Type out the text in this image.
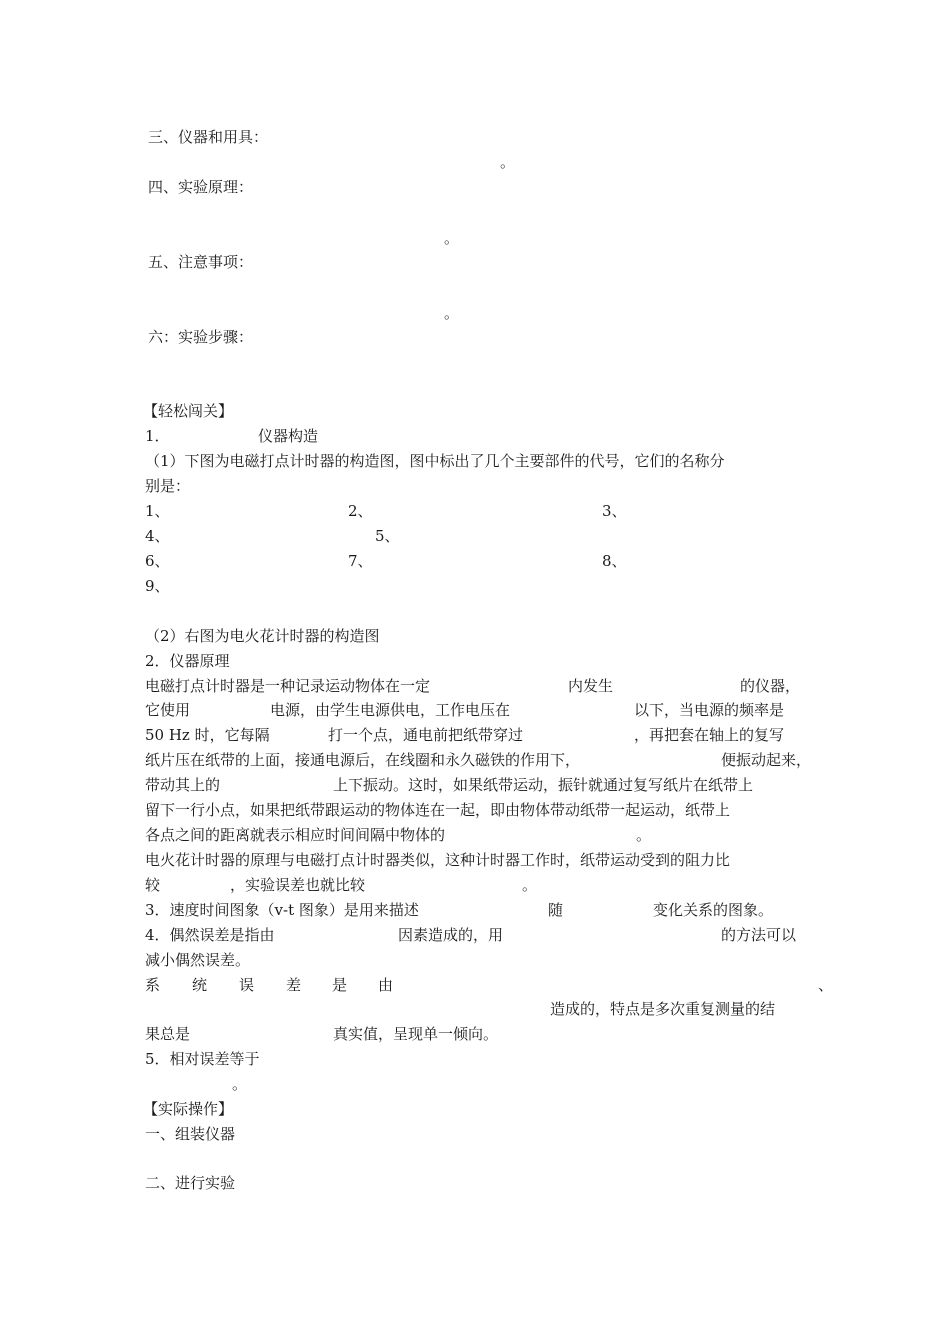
三、仪器和用具：
。
四、实验原理：
。
五、注意事项：
。
六：实验步骤：
【轻松闯关】
1．	仪器构造
（1）下图为电磁打点计时器的构造图，图中标出了几个主要部件的代号，它们的名称分
别是：
1、	2、	3、
4、	5、
6、	7、	8、
9、
（2）右图为电火花计时器的构造图
2．仪器原理
电磁打点计时器是一种记录运动物体在一定	内发生	的仪器，
它使用	电源，由学生电源供电，工作电压在	以下，当电源的频率是
50 Hz 时，它每隔	打一个点，通电前把纸带穿过	，再把套在轴上的复写
纸片压在纸带的上面，接通电源后，在线圈和永久磁铁的作用下，	便振动起来，
带动其上的	上下振动。这时，如果纸带运动，振针就通过复写纸片在纸带上
留下一行小点，如果把纸带跟运动的物体连在一起，即由物体带动纸带一起运动，纸带上
各点之间的距离就表示相应时间间隔中物体的	。
电火花计时器的原理与电磁打点计时器类似，这种计时器工作时，纸带运动受到的阻力比
较	，实验误差也就比较	。
3．速度时间图象（v-t 图象）是用来描述	随	变化关系的图象。
4．偶然误差是指由	因素造成的，用	的方法可以
减小偶然误差。
系 统 误 差 是 由	、
造成的，特点是多次重复测量的结
果总是	真实值，呈现单一倾向。
5．相对误差等于
。
【实际操作】
一、组装仪器
二、进行实验
